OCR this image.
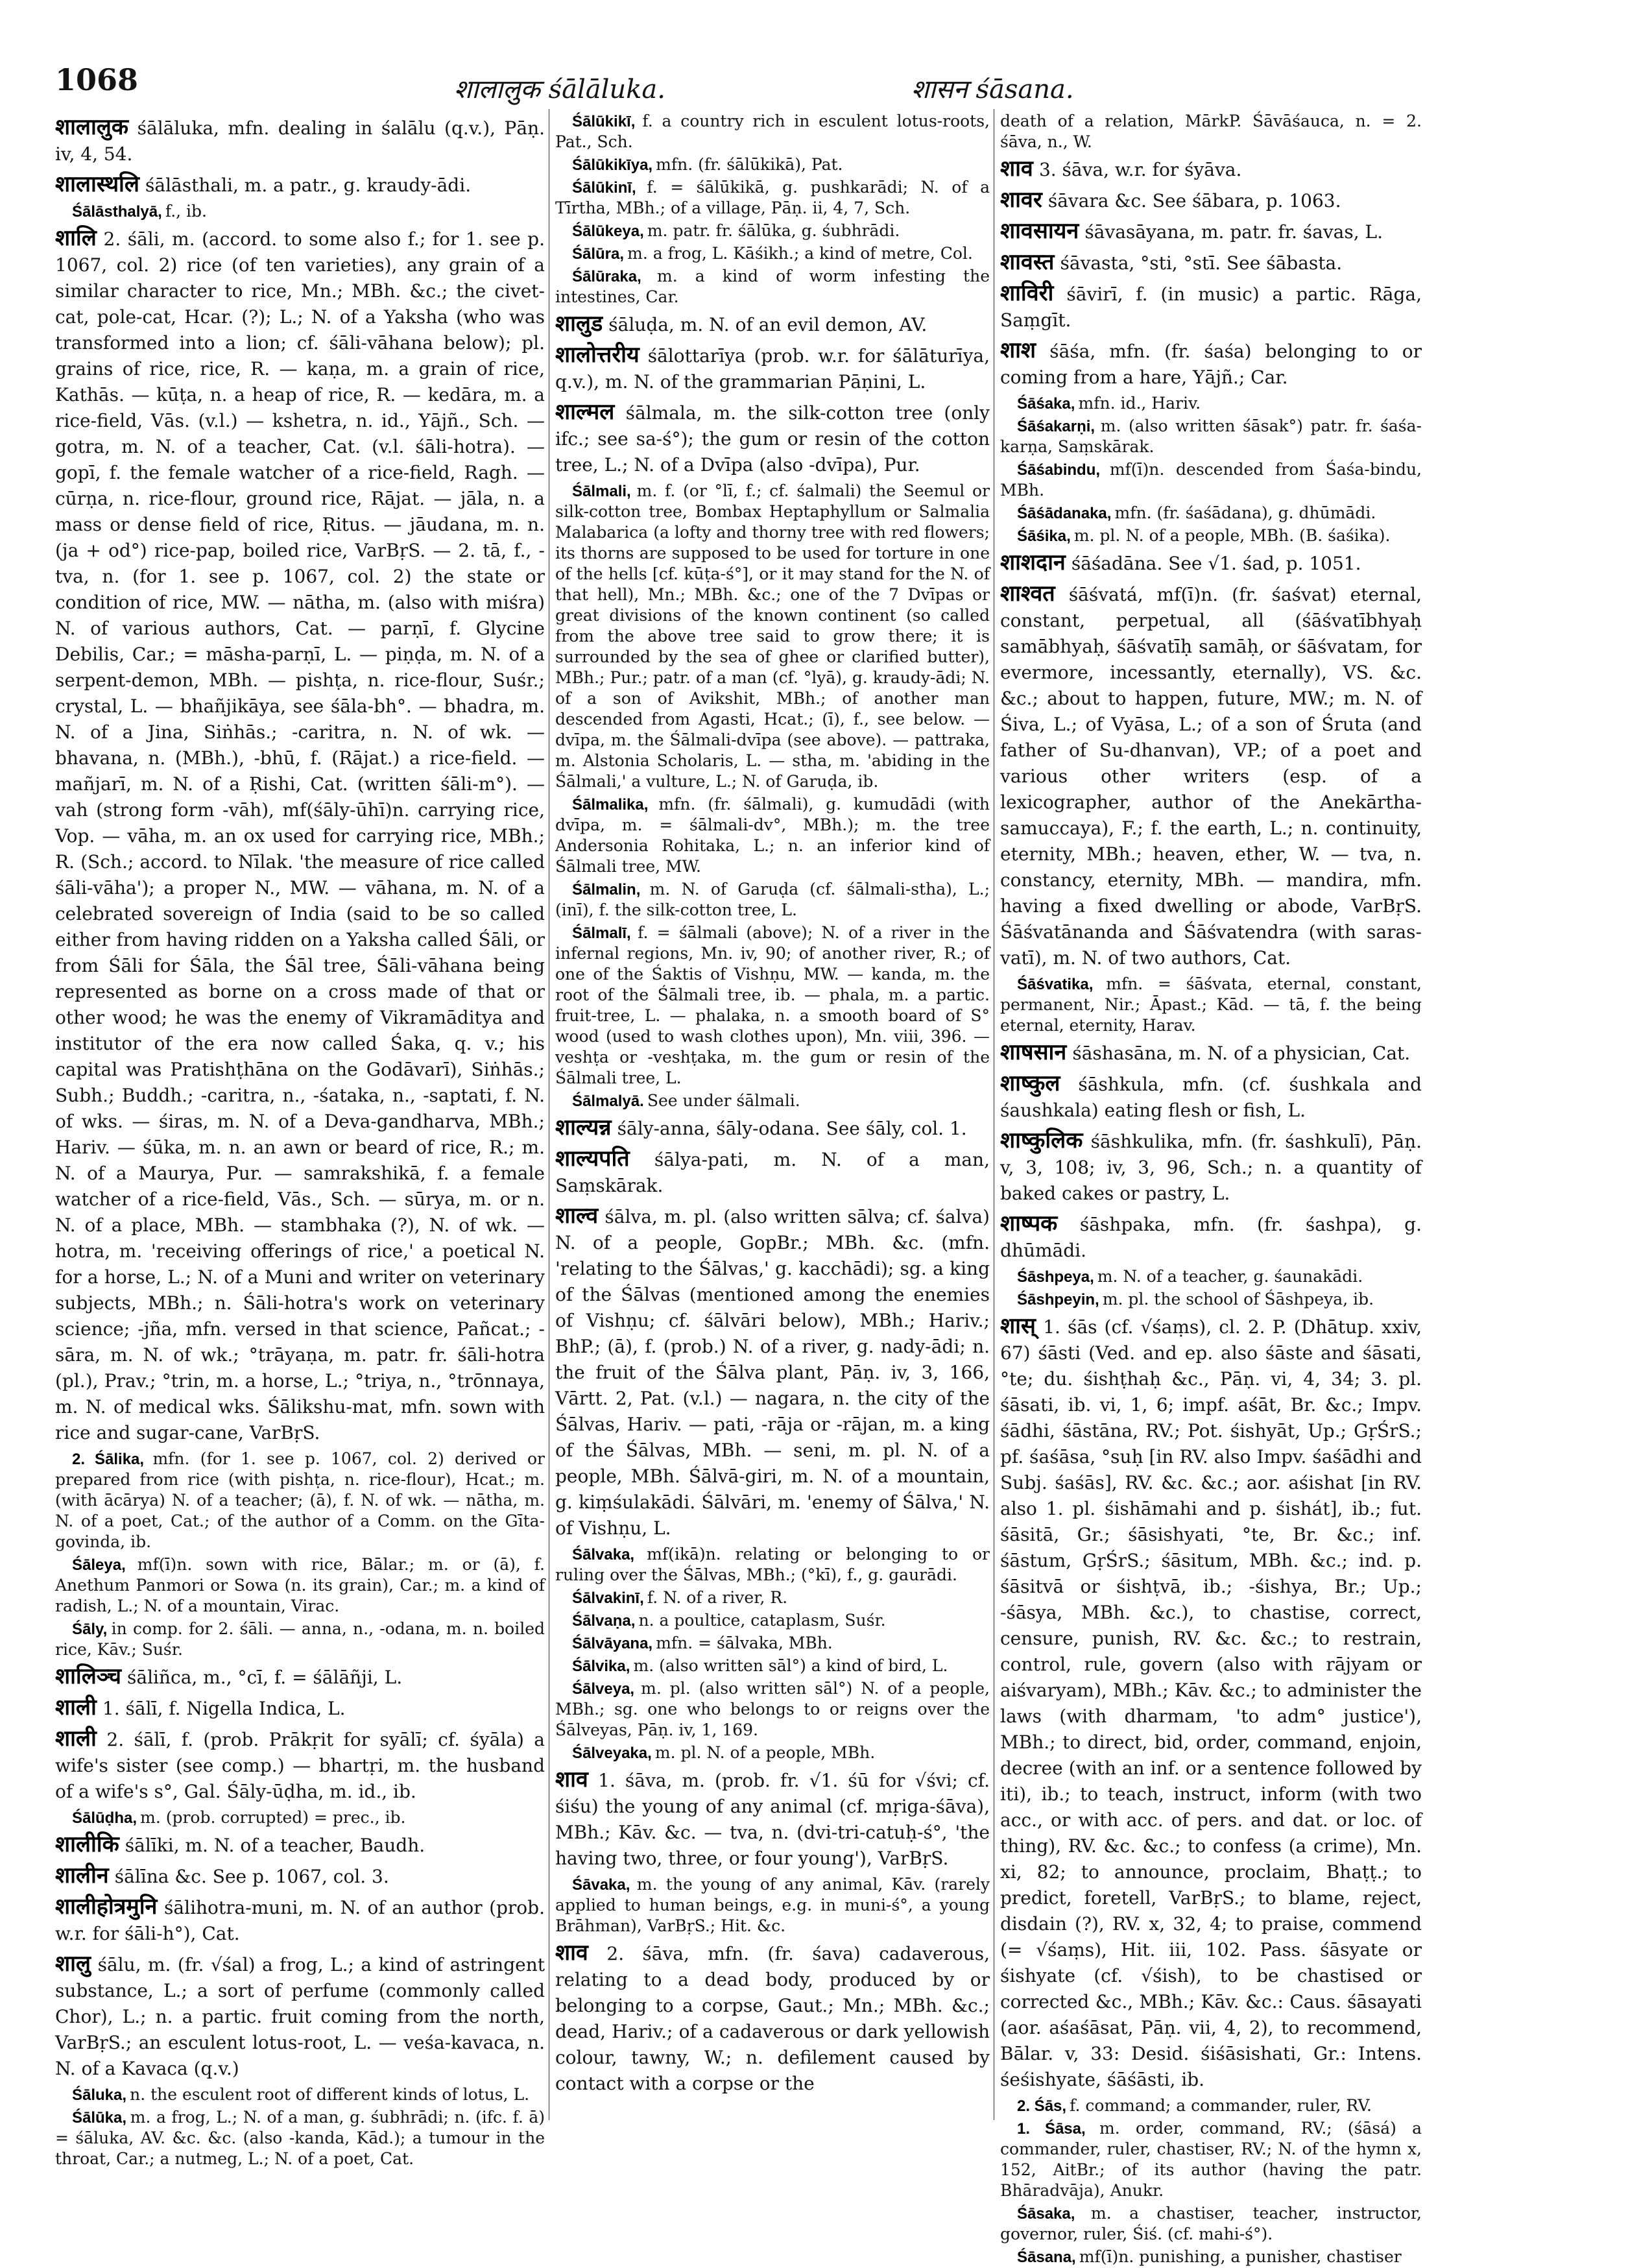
1068	शालालुक śālāluka.	शासन śāsana.

शालालुक śālāluka, mfn. dealing in śalālu (q.v.), Pāṇ. iv, 4, 54.

शालास्थलि śālāsthali, m. a patr., g. kraudy-ādi.

Śālāsthalyā, f., ib.

शालि 2. śāli, m. (accord. to some also f.; for 1. see p. 1067, col. 2) rice (of ten varieties), any grain of a similar character to rice, Mn.; MBh. &c.; the civet-cat, pole-cat, Hcar. (?); L.; N. of a Yaksha (who was transformed into a lion; cf. śāli-vāhana below); pl. grains of rice, rice, R. — kaṇa, m. a grain of rice, Kathās. — kūṭa, n. a heap of rice, R. — kedāra, m. a rice-field, Vās. (v.l.) — kshetra, n. id., Yājñ., Sch. — gotra, m. N. of a teacher, Cat. (v.l. śāli-hotra). — gopī, f. the female watcher of a rice-field, Ragh. — cūrṇa, n. rice-flour, ground rice, Rājat. — jāla, n. a mass or dense field of rice, Ṛitus. — jāudana, m. n. (ja + od°) rice-pap, boiled rice, VarBṛS. — 2. tā, f., -tva, n. (for 1. see p. 1067, col. 2) the state or condition of rice, MW. — nātha, m. (also with miśra) N. of various authors, Cat. — parṇī, f. Glycine Debilis, Car.; = māsha-parṇī, L. — piṇḍa, m. N. of a serpent-demon, MBh. — pishṭa, n. rice-flour, Suśr.; crystal, L. — bhañjikāya, see śāla-bh°. — bhadra, m. N. of a Jina, Siṅhās.; -caritra, n. N. of wk. — bhavana, n. (MBh.), -bhū, f. (Rājat.) a rice-field. — mañjarī, m. N. of a Ṛishi, Cat. (written śāli-m°). — vah (strong form -vāh), mf(śāly-ūhī)n. carrying rice, Vop. — vāha, m. an ox used for carrying rice, MBh.; R. (Sch.; accord. to Nīlak. 'the measure of rice called śāli-vāha'); a proper N., MW. — vāhana, m. N. of a celebrated sovereign of India (said to be so called either from having ridden on a Yaksha called Śāli, or from Śāli for Śāla, the Śāl tree, Śāli-vāhana being represented as borne on a cross made of that or other wood; he was the enemy of Vikramāditya and institutor of the era now called Śaka, q. v.; his capital was Pratishṭhāna on the Godāvarī), Siṅhās.; Subh.; Buddh.; -caritra, n., -śataka, n., -saptati, f. N. of wks. — śiras, m. N. of a Deva-gandharva, MBh.; Hariv. — śūka, m. n. an awn or beard of rice, R.; m. N. of a Maurya, Pur. — samrakshikā, f. a female watcher of a rice-field, Vās., Sch. — sūrya, m. or n. N. of a place, MBh. — stambhaka (?), N. of wk. — hotra, m. 'receiving offerings of rice,' a poetical N. for a horse, L.; N. of a Muni and writer on veterinary subjects, MBh.; n. Śāli-hotra's work on veterinary science; -jña, mfn. versed in that science, Pañcat.; -sāra, m. N. of wk.; °trāyaṇa, m. patr. fr. śāli-hotra (pl.), Prav.; °trin, m. a horse, L.; °triya, n., °trōnnaya, m. N. of medical wks. Śālikshu-mat, mfn. sown with rice and sugar-cane, VarBṛS.

2. Śālika, mfn. (for 1. see p. 1067, col. 2) derived or prepared from rice (with pishṭa, n. rice-flour), Hcat.; m. (with ācārya) N. of a teacher; (ā), f. N. of wk. — nātha, m. N. of a poet, Cat.; of the author of a Comm. on the Gīta-govinda, ib.

Śāleya, mf(ī)n. sown with rice, Bālar.; m. or (ā), f. Anethum Panmori or Sowa (n. its grain), Car.; m. a kind of radish, L.; N. of a mountain, Virac.

Śāly, in comp. for 2. śāli. — anna, n., -odana, m. n. boiled rice, Kāv.; Suśr.

शालिञ्च śāliñca, m., °cī, f. = śālāñji, L.

शाली 1. śālī, f. Nigella Indica, L.

शाली 2. śālī, f. (prob. Prākṛit for syālī; cf. śyāla) a wife's sister (see comp.) — bhartṛi, m. the husband of a wife's s°, Gal. Śāly-ūḍha, m. id., ib.

Śālūḍha, m. (prob. corrupted) = prec., ib.

शालीकि śālīki, m. N. of a teacher, Baudh.

शालीन śālīna &c. See p. 1067, col. 3.

शालीहोत्रमुनि śālihotra-muni, m. N. of an author (prob. w.r. for śāli-h°), Cat.

शालु śālu, m. (fr. √śal) a frog, L.; a kind of astringent substance, L.; a sort of perfume (commonly called Chor), L.; n. a partic. fruit coming from the north, VarBṛS.; an esculent lotus-root, L. — veśa-kavaca, n. N. of a Kavaca (q.v.)

Śāluka, n. the esculent root of different kinds of lotus, L.

Śālūka, m. a frog, L.; N. of a man, g. śubhrādi; n. (ifc. f. ā) = śāluka, AV. &c. &c. (also -kanda, Kād.); a tumour in the throat, Car.; a nutmeg, L.; N. of a poet, Cat.

Śālūkikī, f. a country rich in esculent lotus-roots, Pat., Sch.

Śālūkikīya, mfn. (fr. śālūkikā), Pat.

Śālūkinī, f. = śālūkikā, g. pushkarādi; N. of a Tīrtha, MBh.; of a village, Pāṇ. ii, 4, 7, Sch.

Śālūkeya, m. patr. fr. śālūka, g. śubhrādi.

Śālūra, m. a frog, L. Kāśikh.; a kind of metre, Col.

Śālūraka, m. a kind of worm infesting the intestines, Car.

शालुड śāluḍa, m. N. of an evil demon, AV.

शालोत्तरीय śālottarīya (prob. w.r. for śālāturīya, q.v.), m. N. of the grammarian Pāṇini, L.

शाल्मल śālmala, m. the silk-cotton tree (only ifc.; see sa-ś°); the gum or resin of the cotton tree, L.; N. of a Dvīpa (also -dvīpa), Pur.

Śālmali, m. f. (or °lī, f.; cf. śalmali) the Seemul or silk-cotton tree, Bombax Heptaphyllum or Salmalia Malabarica (a lofty and thorny tree with red flowers; its thorns are supposed to be used for torture in one of the hells [cf. kūṭa-ś°], or it may stand for the N. of that hell), Mn.; MBh. &c.; one of the 7 Dvīpas or great divisions of the known continent (so called from the above tree said to grow there; it is surrounded by the sea of ghee or clarified butter), MBh.; Pur.; patr. of a man (cf. °lyā), g. kraudy-ādi; N. of a son of Avikshit, MBh.; of another man descended from Agasti, Hcat.; (ī), f., see below. — dvīpa, m. the Śālmali-dvīpa (see above). — pattraka, m. Alstonia Scholaris, L. — stha, m. 'abiding in the Śālmali,' a vulture, L.; N. of Garuḍa, ib.

Śālmalika, mfn. (fr. śālmali), g. kumudādi (with dvīpa, m. = śālmali-dv°, MBh.); m. the tree Andersonia Rohitaka, L.; n. an inferior kind of Śālmali tree, MW.

Śālmalin, m. N. of Garuḍa (cf. śālmali-stha), L.; (inī), f. the silk-cotton tree, L.

Śālmalī, f. = śālmali (above); N. of a river in the infernal regions, Mn. iv, 90; of another river, R.; of one of the Śaktis of Vishṇu, MW. — kanda, m. the root of the Śālmali tree, ib. — phala, m. a partic. fruit-tree, L. — phalaka, n. a smooth board of S° wood (used to wash clothes upon), Mn. viii, 396. — veshṭa or -veshṭaka, m. the gum or resin of the Śālmali tree, L.

Śālmalyā. See under śālmali.

शाल्यन्न śāly-anna, śāly-odana. See śāly, col. 1.

शाल्यपति śālya-pati, m. N. of a man, Saṃskārak.

शाल्व śālva, m. pl. (also written sālva; cf. śalva) N. of a people, GopBr.; MBh. &c. (mfn. 'relating to the Śālvas,' g. kacchādi); sg. a king of the Śālvas (mentioned among the enemies of Vishṇu; cf. śālvāri below), MBh.; Hariv.; BhP.; (ā), f. (prob.) N. of a river, g. nady-ādi; n. the fruit of the Śālva plant, Pāṇ. iv, 3, 166, Vārtt. 2, Pat. (v.l.) — nagara, n. the city of the Śālvas, Hariv. — pati, -rāja or -rājan, m. a king of the Śālvas, MBh. — seni, m. pl. N. of a people, MBh. Śālvā-giri, m. N. of a mountain, g. kiṃśulakādi. Śālvāri, m. 'enemy of Śālva,' N. of Vishṇu, L.

Śālvaka, mf(ikā)n. relating or belonging to or ruling over the Śālvas, MBh.; (°kī), f., g. gaurādi.

Śālvakinī, f. N. of a river, R.

Śālvaṇa, n. a poultice, cataplasm, Suśr.

Śālvāyana, mfn. = śālvaka, MBh.

Śālvika, m. (also written sāl°) a kind of bird, L.

Śālveya, m. pl. (also written sāl°) N. of a people, MBh.; sg. one who belongs to or reigns over the Śālveyas, Pāṇ. iv, 1, 169.

Śālveyaka, m. pl. N. of a people, MBh.

शाव 1. śāva, m. (prob. fr. √1. śū for √śvi; cf. śiśu) the young of any animal (cf. mṛiga-śāva), MBh.; Kāv. &c. — tva, n. (dvi-tri-catuḥ-ś°, 'the having two, three, or four young'), VarBṛS.

Śāvaka, m. the young of any animal, Kāv. (rarely applied to human beings, e.g. in muni-ś°, a young Brāhman), VarBṛS.; Hit. &c.

शाव 2. śāva, mfn. (fr. śava) cadaverous, relating to a dead body, produced by or belonging to a corpse, Gaut.; Mn.; MBh. &c.; dead, Hariv.; of a cadaverous or dark yellowish colour, tawny, W.; n. defilement caused by contact with a corpse or the

death of a relation, MārkP. Śāvāśauca, n. = 2. śāva, n., W.

शाव 3. śāva, w.r. for śyāva.

शावर śāvara &c. See śābara, p. 1063.

शावसायन śāvasāyana, m. patr. fr. śavas, L.

शावस्त śāvasta, °sti, °stī. See śābasta.

शाविरी śāvirī, f. (in music) a partic. Rāga, Saṃgīt.

शाश śāśa, mfn. (fr. śaśa) belonging to or coming from a hare, Yājñ.; Car.

Śāśaka, mfn. id., Hariv.

Śāśakarṇi, m. (also written śāsak°) patr. fr. śaśa-karṇa, Saṃskārak.

Śāśabindu, mf(ī)n. descended from Śaśa-bindu, MBh.

Śāśādanaka, mfn. (fr. śaśādana), g. dhūmādi.

Śāśika, m. pl. N. of a people, MBh. (B. śaśika).

शाशदान śāśadāna. See √1. śad, p. 1051.

शाश्वत śāśvatá, mf(ī)n. (fr. śaśvat) eternal, constant, perpetual, all (śāśvatībhyaḥ samābhyaḥ, śāśvatīḥ samāḥ, or śāśvatam, for evermore, incessantly, eternally), VS. &c. &c.; about to happen, future, MW.; m. N. of Śiva, L.; of Vyāsa, L.; of a son of Śruta (and father of Su-dhanvan), VP.; of a poet and various other writers (esp. of a lexicographer, author of the Anekārtha-samuccaya), F.; f. the earth, L.; n. continuity, eternity, MBh.; heaven, ether, W. — tva, n. constancy, eternity, MBh. — mandira, mfn. having a fixed dwelling or abode, VarBṛS. Śāśvatānanda and Śāśvatendra (with saras-vatī), m. N. of two authors, Cat.

Śāśvatika, mfn. = śāśvata, eternal, constant, permanent, Nir.; Āpast.; Kād. — tā, f. the being eternal, eternity, Harav.

शाषसान śāshasāna, m. N. of a physician, Cat.

शाष्कुल śāshkula, mfn. (cf. śushkala and śaushkala) eating flesh or fish, L.

शाष्कुलिक śāshkulika, mfn. (fr. śashkulī), Pāṇ. v, 3, 108; iv, 3, 96, Sch.; n. a quantity of baked cakes or pastry, L.

शाष्पक śāshpaka, mfn. (fr. śashpa), g. dhūmādi.

Śāshpeya, m. N. of a teacher, g. śaunakādi.

Śāshpeyin, m. pl. the school of Śāshpeya, ib.

शास् 1. śās (cf. √śaṃs), cl. 2. P. (Dhātup. xxiv, 67) śāsti (Ved. and ep. also śāste and śāsati, °te; du. śishṭhaḥ &c., Pāṇ. vi, 4, 34; 3. pl. śāsati, ib. vi, 1, 6; impf. aśāt, Br. &c.; Impv. śādhi, śāstāna, RV.; Pot. śishyāt, Up.; GṛŚrS.; pf. śaśāsa, °suḥ [in RV. also Impv. śaśādhi and Subj. śaśās], RV. &c. &c.; aor. aśishat [in RV. also 1. pl. śishāmahi and p. śishát], ib.; fut. śāsitā, Gr.; śāsishyati, °te, Br. &c.; inf. śāstum, GṛŚrS.; śāsitum, MBh. &c.; ind. p. śāsitvā or śishṭvā, ib.; -śishya, Br.; Up.; -śāsya, MBh. &c.), to chastise, correct, censure, punish, RV. &c. &c.; to restrain, control, rule, govern (also with rājyam or aiśvaryam), MBh.; Kāv. &c.; to administer the laws (with dharmam, 'to adm° justice'), MBh.; to direct, bid, order, command, enjoin, decree (with an inf. or a sentence followed by iti), ib.; to teach, instruct, inform (with two acc., or with acc. of pers. and dat. or loc. of thing), RV. &c. &c.; to confess (a crime), Mn. xi, 82; to announce, proclaim, Bhaṭṭ.; to predict, foretell, VarBṛS.; to blame, reject, disdain (?), RV. x, 32, 4; to praise, commend (= √śaṃs), Hit. iii, 102. Pass. śāsyate or śishyate (cf. √śish), to be chastised or corrected &c., MBh.; Kāv. &c.: Caus. śāsayati (aor. aśaśāsat, Pāṇ. vii, 4, 2), to recommend, Bālar. v, 33: Desid. śiśāsishati, Gr.: Intens. śeśishyate, śāśāsti, ib.

2. Śās, f. command; a commander, ruler, RV.

1. Śāsa, m. order, command, RV.; (śāsá) a commander, ruler, chastiser, RV.; N. of the hymn x, 152, AitBr.; of its author (having the patr. Bhāradvāja), Anukr.

Śāsaka, m. a chastiser, teacher, instructor, governor, ruler, Śiś. (cf. mahi-ś°).

Śāsana, mf(ī)n. punishing, a punisher, chastiser
